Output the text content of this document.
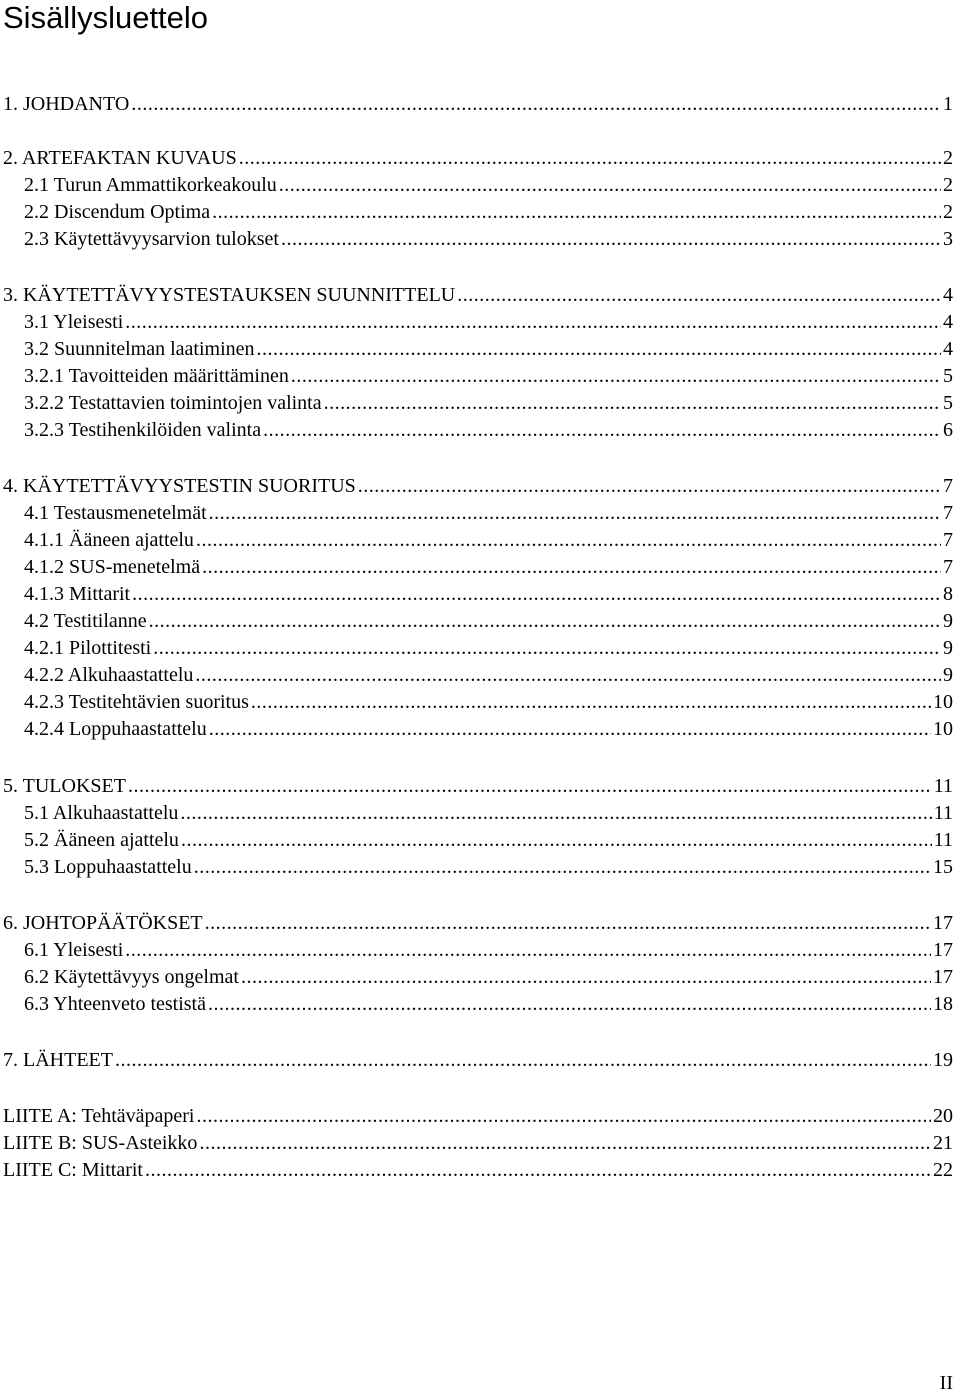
Sisällysluettelo
1. JOHDANTO .....	1
2. ARTEFAKTAN KUVAUS .....	2
2.1 Turun Ammattikorkeakoulu .....	2
2.2 Discendum Optima .....	2
2.3 Käytettävyysarvion tulokset .....	3
3. KÄYTETTÄVYYSTESTAUKSEN SUUNNITTELU .....	4
3.1 Yleisesti .....	4
3.2 Suunnitelman laatiminen .....	4
3.2.1 Tavoitteiden määrittäminen .....	5
3.2.2 Testattavien toimintojen valinta .....	5
3.2.3 Testihenkilöiden valinta .....	6
4. KÄYTETTÄVYYSTESTIN SUORITUS .....	7
4.1 Testausmenetelmät .....	7
4.1.1 Ääneen ajattelu .....	7
4.1.2 SUS-menetelmä .....	7
4.1.3 Mittarit .....	8
4.2 Testitilanne .....	9
4.2.1 Pilottitesti .....	9
4.2.2 Alkuhaastattelu .....	9
4.2.3 Testitehtävien suoritus .....	10
4.2.4 Loppuhaastattelu .....	10
5. TULOKSET .....	11
5.1 Alkuhaastattelu .....	11
5.2 Ääneen ajattelu .....	11
5.3 Loppuhaastattelu .....	15
6. JOHTOPÄÄTÖKSET .....	17
6.1 Yleisesti .....	17
6.2 Käytettävyys ongelmat .....	17
6.3 Yhteenveto testistä .....	18
7. LÄHTEET .....	19
LIITE A: Tehtäväpaperi .....	20
LIITE B: SUS-Asteikko .....	21
LIITE C: Mittarit .....	22
II
